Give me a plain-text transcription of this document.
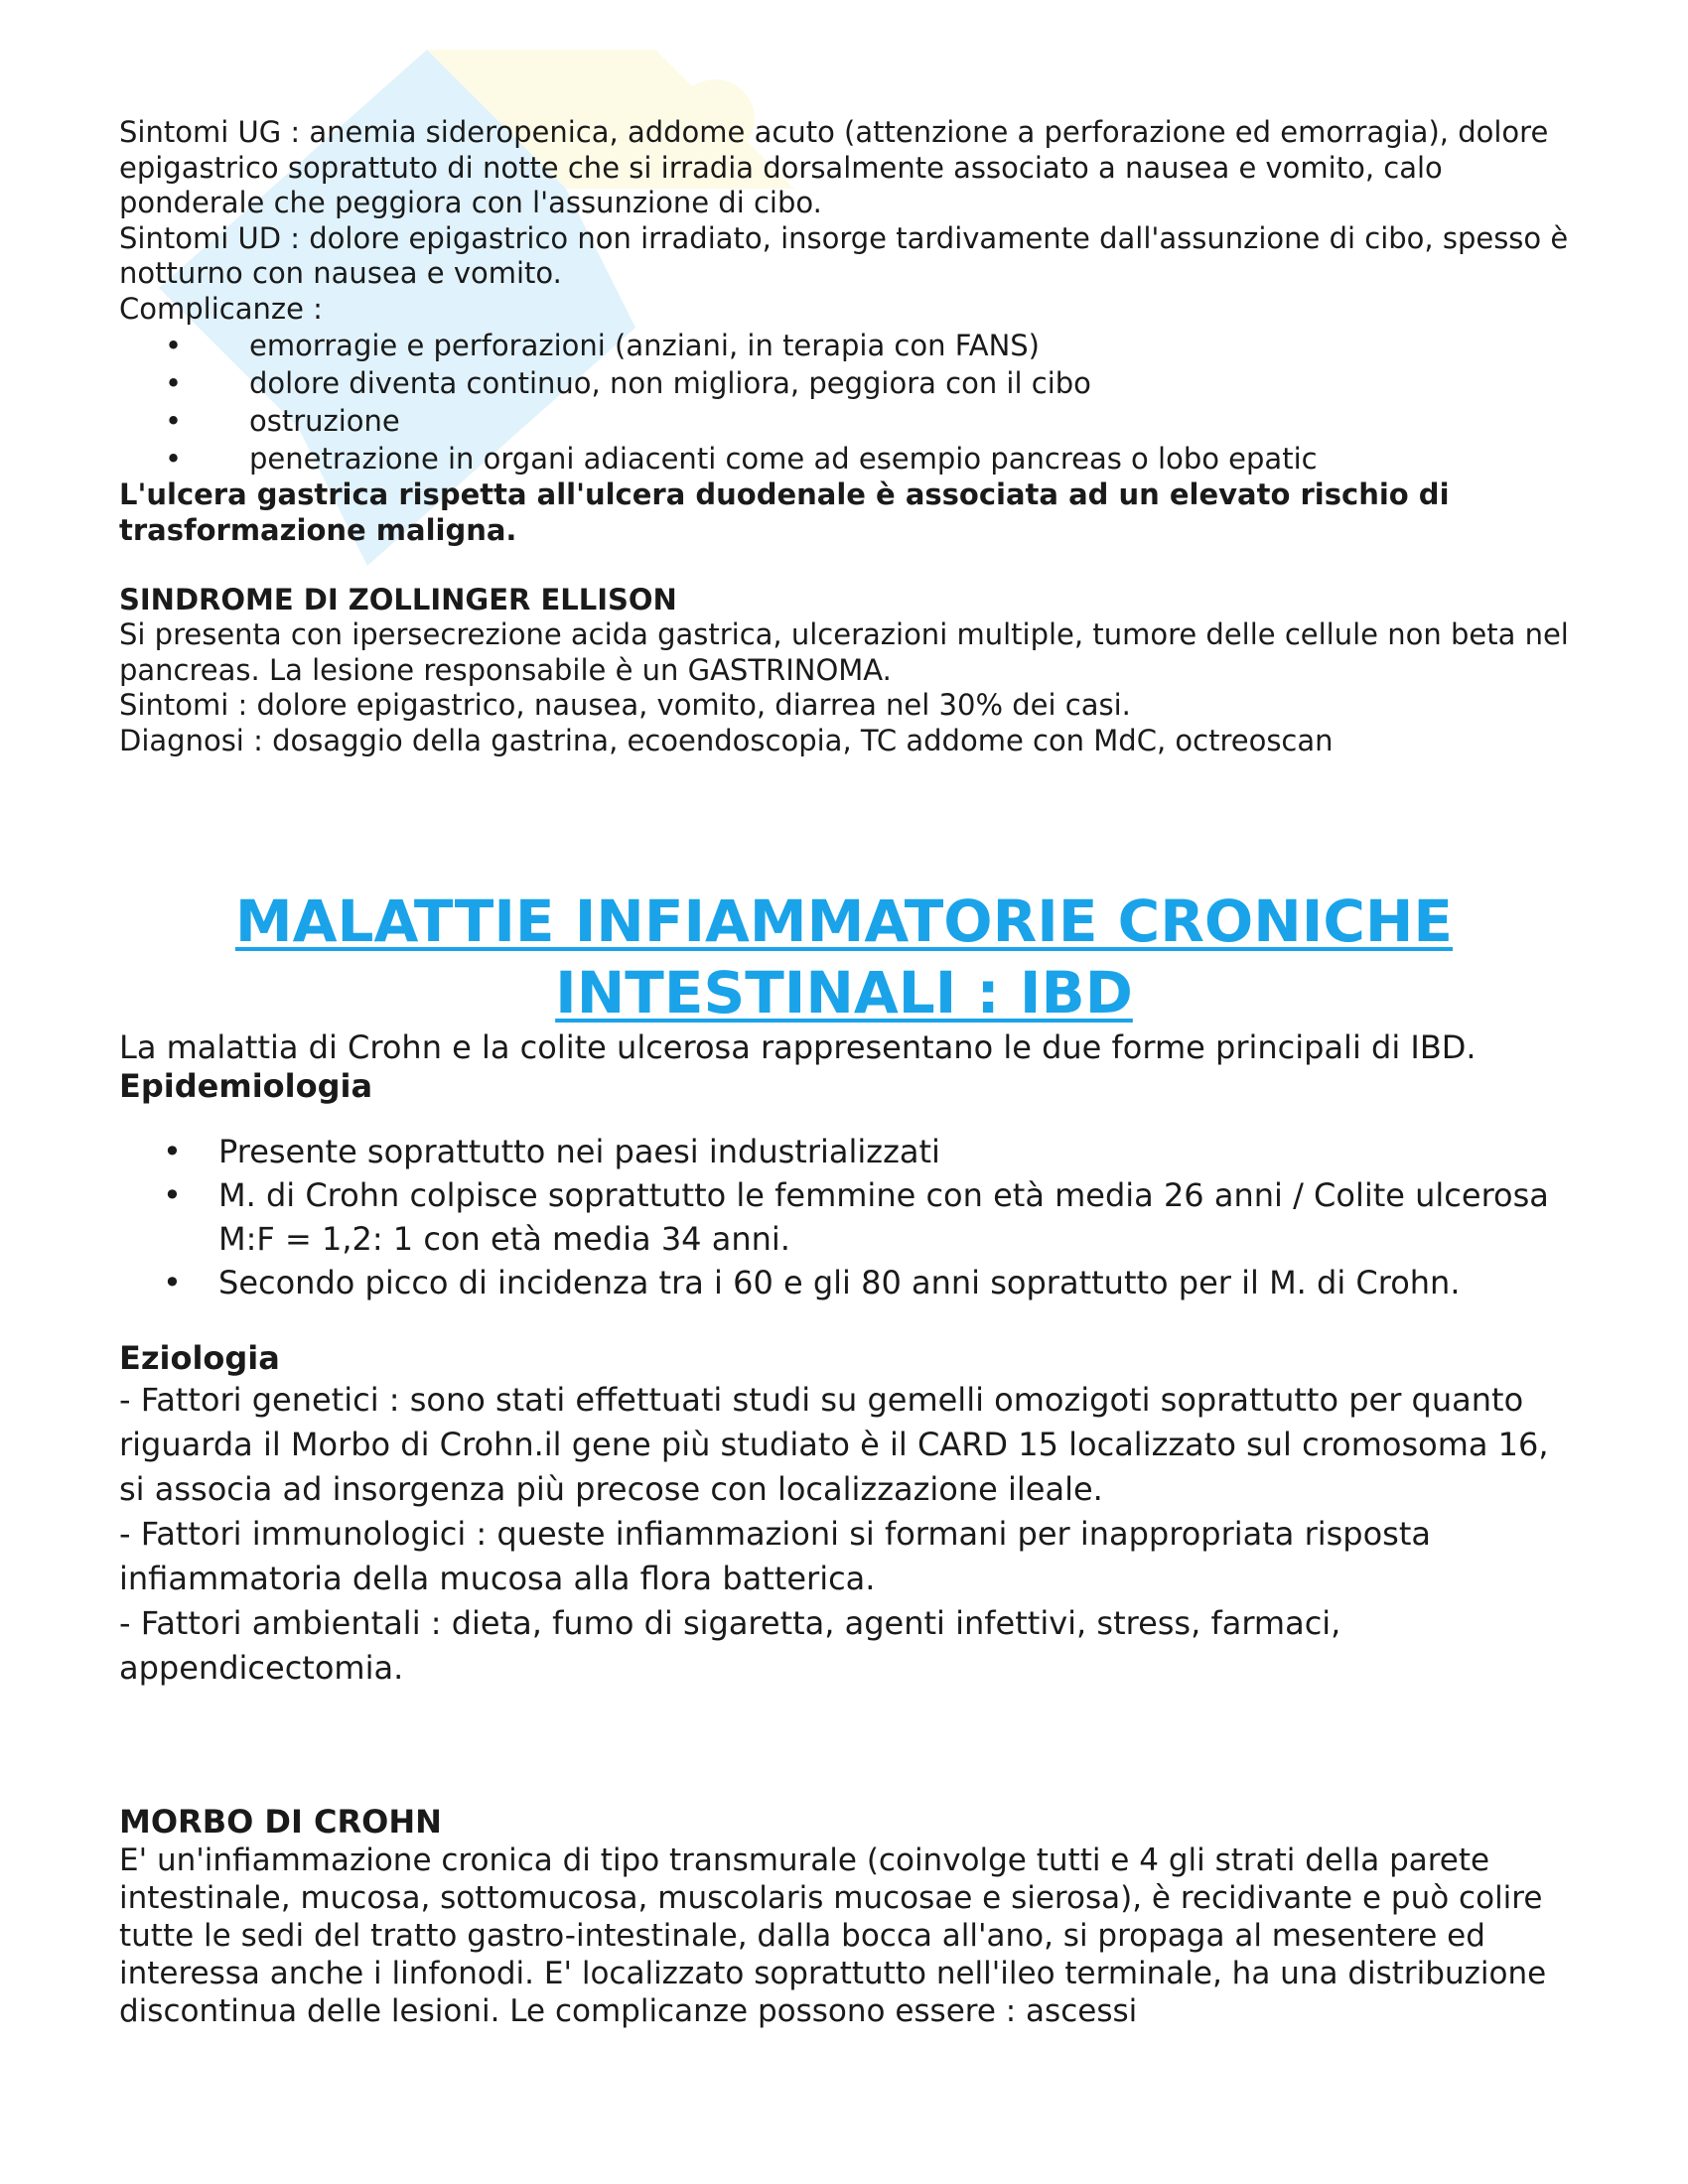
Sintomi UG : anemia sideropenica, addome acuto (attenzione a perforazione ed emorragia), dolore epigastrico soprattuto di notte che si irradia dorsalmente associato a nausea e vomito, calo ponderale che peggiora con l'assunzione di cibo.

Sintomi UD : dolore epigastrico non irradiato, insorge tardivamente dall'assunzione di cibo, spesso è notturno con nausea e vomito.

Complicanze :

• emorragie e perforazioni (anziani, in terapia con FANS)
• dolore diventa continuo, non migliora, peggiora con il cibo
• ostruzione
• penetrazione in organi adiacenti come ad esempio pancreas o lobo epatic

L'ulcera gastrica rispetta all'ulcera duodenale è associata ad un elevato rischio di trasformazione maligna.

SINDROME DI ZOLLINGER ELLISON

Si presenta con ipersecrezione acida gastrica, ulcerazioni multiple, tumore delle cellule non beta nel pancreas. La lesione responsabile è un GASTRINOMA.

Sintomi : dolore epigastrico, nausea, vomito, diarrea nel 30% dei casi.

Diagnosi : dosaggio della gastrina, ecoendoscopia, TC addome con MdC, octreoscan

MALATTIE INFIAMMATORIE CRONICHE
INTESTINALI : IBD

La malattia di Crohn e la colite ulcerosa rappresentano le due forme principali di IBD.

Epidemiologia

• Presente soprattutto nei paesi industrializzati
• M. di Crohn colpisce soprattutto le femmine con età media 26 anni / Colite ulcerosa M:F = 1,2: 1 con età media 34 anni.
• Secondo picco di incidenza tra i 60 e gli 80 anni soprattutto per il M. di Crohn.

Eziologia

- Fattori genetici : sono stati effettuati studi su gemelli omozigoti soprattutto per quanto riguarda il Morbo di Crohn.il gene più studiato è il CARD 15 localizzato sul cromosoma 16, si associa ad insorgenza più precose con localizzazione ileale.

- Fattori immunologici : queste infiammazioni si formani per inappropriata risposta infiammatoria della mucosa alla flora batterica.

- Fattori ambientali : dieta, fumo di sigaretta, agenti infettivi, stress, farmaci, appendicectomia.

MORBO DI CROHN

E' un'infiammazione cronica di tipo transmurale (coinvolge tutti e 4 gli strati della parete intestinale, mucosa, sottomucosa, muscolaris mucosae e sierosa), è recidivante e può colire tutte le sedi del tratto gastro-intestinale, dalla bocca all'ano, si propaga al mesentere ed interessa anche i linfonodi. E' localizzato soprattutto nell'ileo terminale, ha una distribuzione discontinua delle lesioni. Le complicanze possono essere : ascessi
